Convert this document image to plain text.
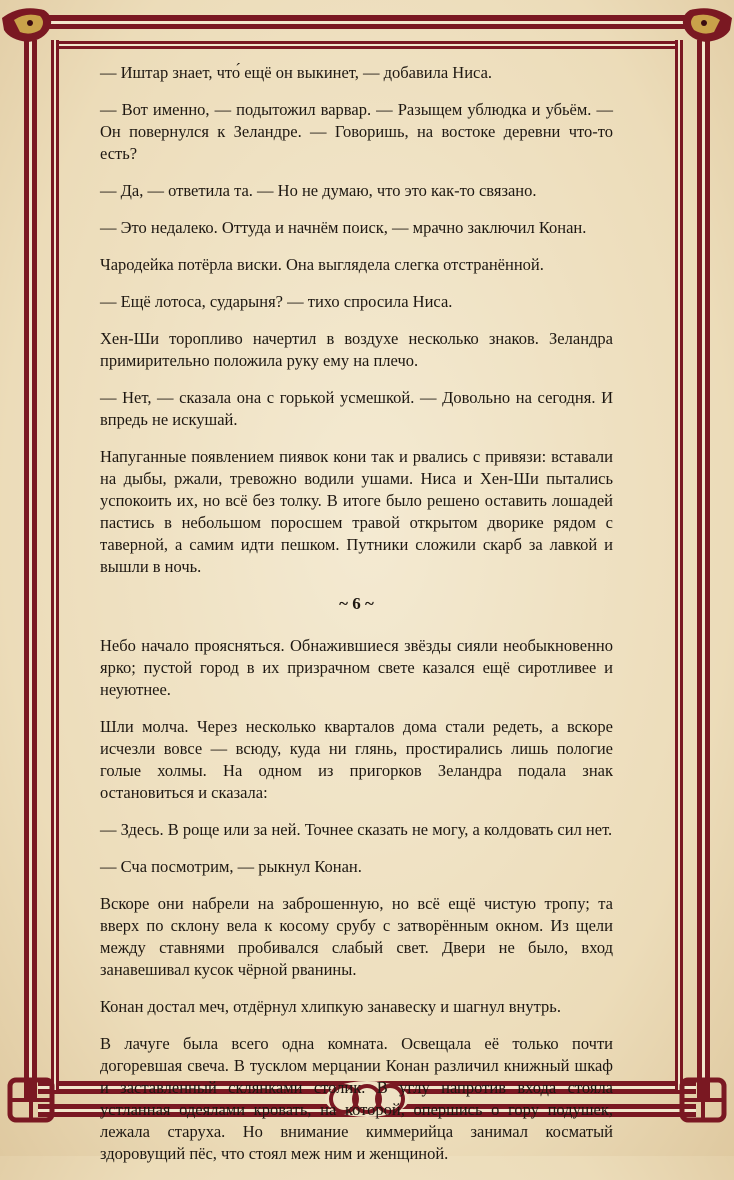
— Иштар знает, что́ ещё он выкинет, — добавила Ниса.

— Вот именно, — подытожил варвар. — Разыщем ублюдка и убьём. — Он повернулся к Зеландре. — Говоришь, на востоке деревни что-то есть?

— Да, — ответила та. — Но не думаю, что это как-то связано.

— Это недалеко. Оттуда и начнём поиск, — мрачно заключил Конан.

Чародейка потёрла виски. Она выглядела слегка отстранённой.

— Ещё лотоса, сударыня? — тихо спросила Ниса.

Хен-Ши торопливо начертил в воздухе несколько знаков. Зеландра примирительно положила руку ему на плечо.

— Нет, — сказала она с горькой усмешкой. — Довольно на сегодня. И впредь не искушай.

Напуганные появлением пиявок кони так и рвались с привязи: вставали на дыбы, ржали, тревожно водили ушами. Ниса и Хен-Ши пытались успокоить их, но всё без толку. В итоге было решено оставить лошадей пастись в небольшом поросшем травой открытом дворике рядом с таверной, а самим идти пешком. Путники сложили скарб за лавкой и вышли в ночь.

~ 6 ~

Небо начало проясняться. Обнажившиеся звёзды сияли необыкновенно ярко; пустой город в их призрачном свете казался ещё сиротливее и неуютнее.

Шли молча. Через несколько кварталов дома стали редеть, а вскоре исчезли вовсе — всюду, куда ни глянь, простирались лишь пологие голые холмы. На одном из пригорков Зеландра подала знак остановиться и сказала:

— Здесь. В роще или за ней. Точнее сказать не могу, а колдовать сил нет.

— Сча посмотрим, — рыкнул Конан.

Вскоре они набрели на заброшенную, но всё ещё чистую тропу; та вверх по склону вела к косому срубу с затворённым окном. Из щели между ставнями пробивался слабый свет. Двери не было, вход занавешивал кусок чёрной рванины.

Конан достал меч, отдёрнул хлипкую занавеску и шагнул внутрь.

В лачуге была всего одна комната. Освещала её только почти догоревшая свеча. В тусклом мерцании Конан различил книжный шкаф и заставленный склянками столик. В углу напротив входа стояла устланная одеялами кровать, на которой, опершись о гору подушек, лежала старуха. Но внимание киммерийца занимал косматый здоровущий пёс, что стоял меж ним и женщиной.
